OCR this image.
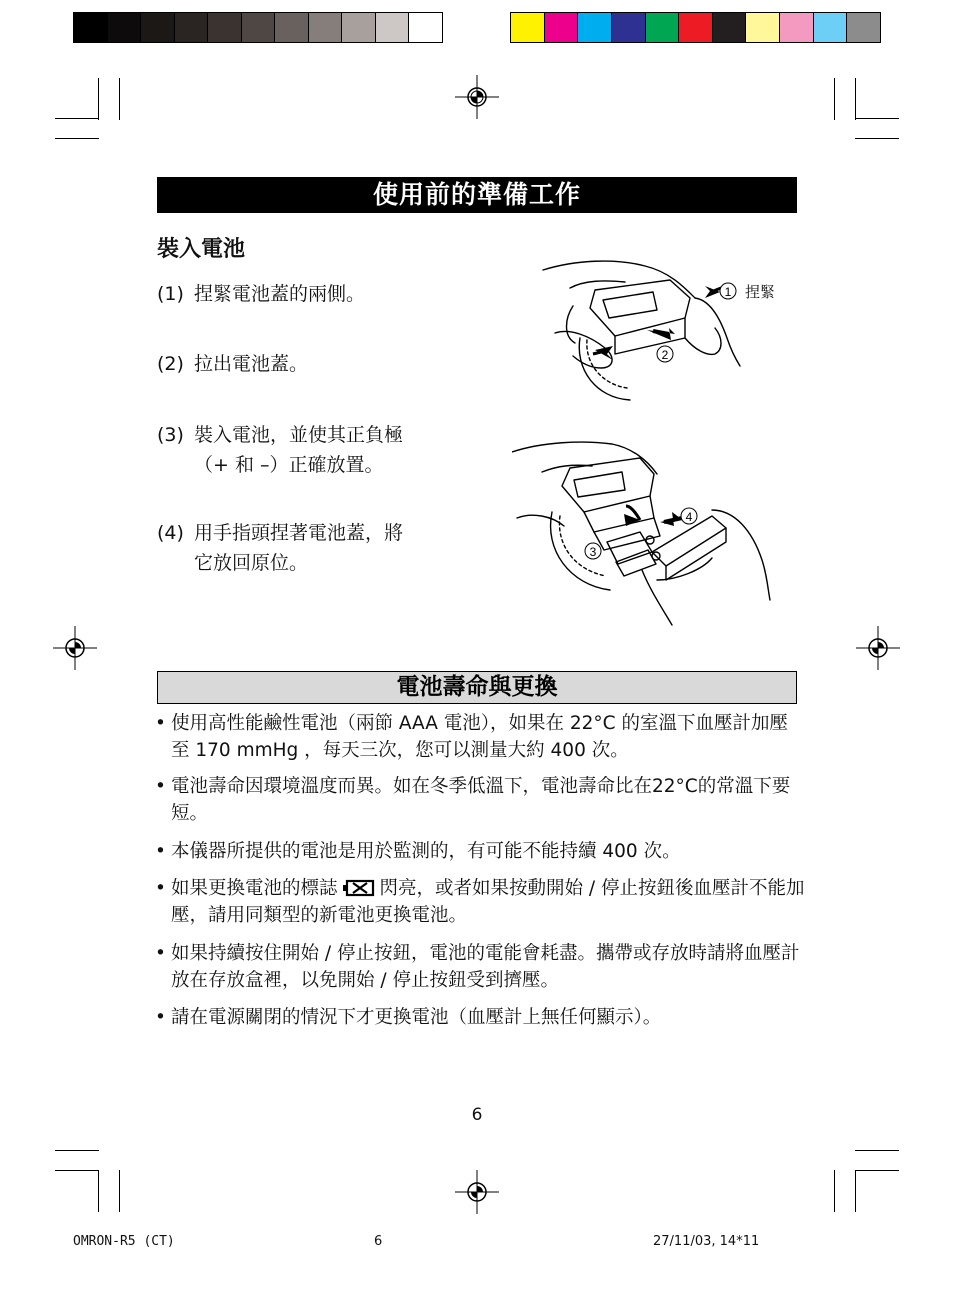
使用前的準備工作
裝入電池
(1) 捏緊電池蓋的兩側。
(2) 拉出電池蓋。
(3) 裝入電池，並使其正負極
（+ 和 –）正確放置。
(4) 用手指頭捏著電池蓋，將
它放回原位。
1
2
捏緊
4
3
電池壽命與更換
• 使用高性能鹼性電池（兩節 AAA 電池），如果在 22°C 的室溫下血壓計加壓至 170 mmHg ，每天三次，您可以測量大約 400 次。
• 電池壽命因環境溫度而異。如在冬季低溫下，電池壽命比在22°C的常溫下要短。
• 本儀器所提供的電池是用於監測的，有可能不能持續 400 次。
• 如果更換電池的標誌 閃亮，或者如果按動開始 / 停止按鈕後血壓計不能加壓，請用同類型的新電池更換電池。
• 如果持續按住開始 / 停止按鈕，電池的電能會耗盡。攜帶或存放時請將血壓計放在存放盒裡，以免開始 / 停止按鈕受到擠壓。
• 請在電源關閉的情況下才更換電池（血壓計上無任何顯示）。
6
OMRON-R5 (CT)	6	27/11/03, 14*11
